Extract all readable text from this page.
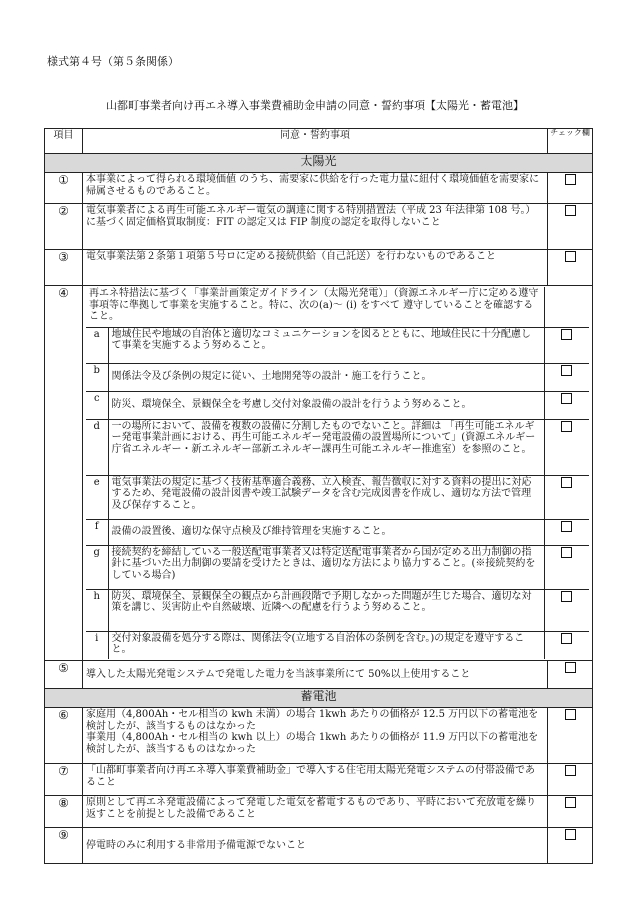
様式第４号（第５条関係）
山都町事業者向け再エネ導入事業費補助金申請の同意・誓約事項【太陽光・蓄電池】
項目	同意・誓約事項	チェック欄
太陽光
①	本事業によって得られる環境価値 のうち、需要家に供給を行った電力量に紐付く環境価値を需要家に帰属させるものであること。	
②	電気事業者による再生可能エネルギー電気の調達に関する特別措置法（平成 23 年法律第 108 号。）に基づく固定価格買取制度：FIT の認定又は FIP 制度の認定を取得しないこと	
③	電気事業法第２条第１項第５号ロに定める接続供給（自己託送）を行わないものであること	
④	再エネ特措法に基づく「事業計画策定ガイドライン（太陽光発電）」（資源エネルギー庁に定める遵守事項等に準拠して事業を実施すること。特に、次の(a)～ (i) をすべて 遵守していることを確認すること。	
a	地域住民や地域の自治体と適切なコミュニケーションを図るとともに、地域住民に十分配慮して事業を実施するよう努めること。	
b	関係法令及び条例の規定に従い、土地開発等の設計・施工を行うこと。	
c	防災、環境保全、景観保全を考慮し交付対象設備の設計を行うよう努めること。	
d	一の場所において、設備を複数の設備に分割したものでないこと。詳細は 「再生可能エネルギー発電事業計画における、再生可能エネルギー発電設備の設置場所について」(資源エネルギー庁省エネルギー・新エネルギー部新エネルギー課再生可能エネルギー推進室）を参照のこと。	
e	電気事業法の規定に基づく技術基準適合義務、立入検査、報告徴収に対する資料の提出に対応するため、発電設備の設計図書や竣工試験データを含む完成図書を作成し、適切な方法で管理及び保存すること。	
f	設備の設置後、適切な保守点検及び維持管理を実施すること。	
g	接続契約を締結している一般送配電事業者又は特定送配電事業者から国が定める出力制御の指針に基づいた出力制御の要請を受けたときは、適切な方法により協力すること。(※接続契約をしている場合)	
h	防災、環境保全、景観保全の観点から計画段階で予期しなかった問題が生じた場合、適切な対策を講じ、災害防止や自然破壊、近隣への配慮を行うよう努めること。	
i	交付対象設備を処分する際は、関係法令(立地する自治体の条例を含む。)の規定を遵守すること。	

⑤	導入した太陽光発電システムで発電した電力を当該事業所にて 50%以上使用すること	
蓄電池
⑥	家庭用（4,800Ah・セル相当の kwh 未満）の場合 1kwh あたりの価格が 12.5 万円以下の蓄電池を検討したが、該当するものはなかった
事業用（4,800Ah・セル相当の kwh 以上）の場合 1kwh あたりの価格が 11.9 万円以下の蓄電池を検討したが、該当するものはなかった

⑦	「山都町事業者向け再エネ導入事業費補助金」で導入する住宅用太陽光発電システムの付帯設備であること	
⑧	原則として再エネ発電設備によって発電した電気を蓄電するものであり、平時において充放電を繰り返すことを前提とした設備であること	
⑨	停電時のみに利用する非常用予備電源でないこと	
